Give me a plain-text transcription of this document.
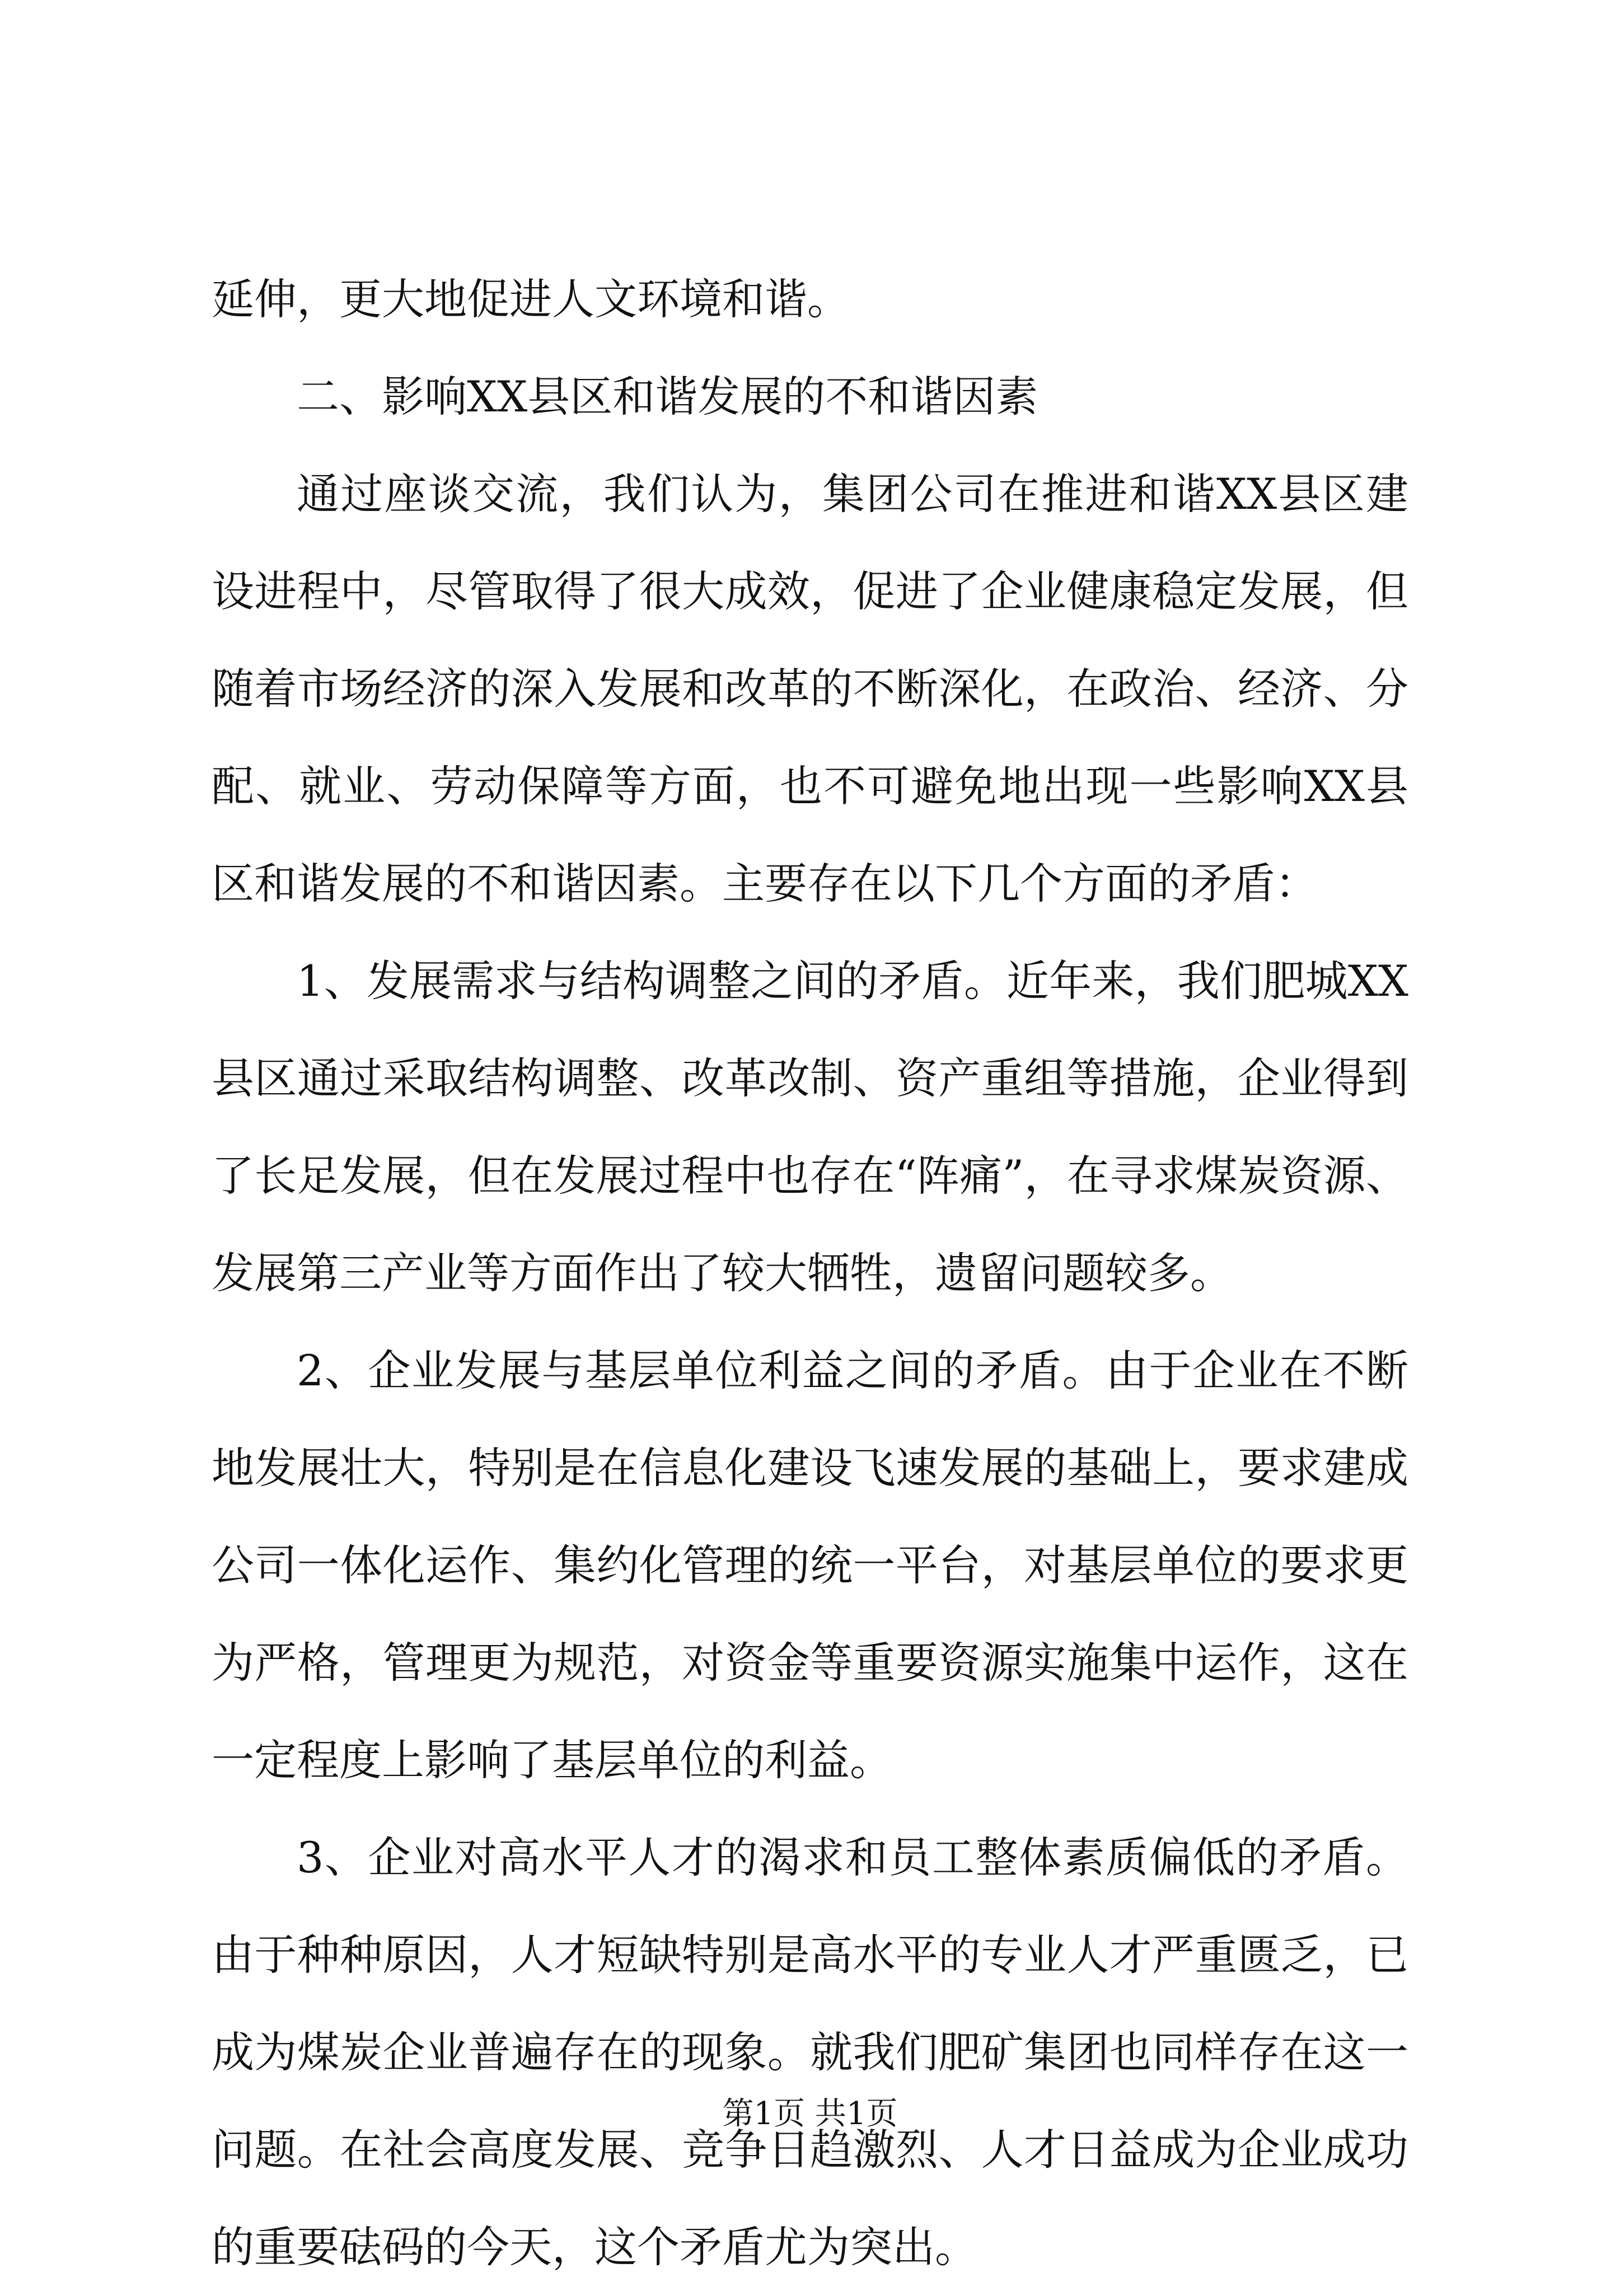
延伸，更大地促进人文环境和谐。
二、影响XX县区和谐发展的不和谐因素
通过座谈交流，我们认为，集团公司在推进和谐XX县区建
设进程中，尽管取得了很大成效，促进了企业健康稳定发展，但
随着市场经济的深入发展和改革的不断深化，在政治、经济、分
配、就业、劳动保障等方面，也不可避免地出现一些影响XX县
区和谐发展的不和谐因素。主要存在以下几个方面的矛盾：
1、发展需求与结构调整之间的矛盾。近年来，我们肥城XX
县区通过采取结构调整、改革改制、资产重组等措施，企业得到
了长足发展，但在发展过程中也存在“阵痛”，在寻求煤炭资源、
发展第三产业等方面作出了较大牺牲，遗留问题较多。
2、企业发展与基层单位利益之间的矛盾。由于企业在不断
地发展壮大，特别是在信息化建设飞速发展的基础上，要求建成
公司一体化运作、集约化管理的统一平台，对基层单位的要求更
为严格，管理更为规范，对资金等重要资源实施集中运作，这在
一定程度上影响了基层单位的利益。
3、企业对高水平人才的渴求和员工整体素质偏低的矛盾。
由于种种原因，人才短缺特别是高水平的专业人才严重匮乏，已
成为煤炭企业普遍存在的现象。就我们肥矿集团也同样存在这一
问题。在社会高度发展、竞争日趋激烈、人才日益成为企业成功
的重要砝码的今天，这个矛盾尤为突出。
第1页 共1页
